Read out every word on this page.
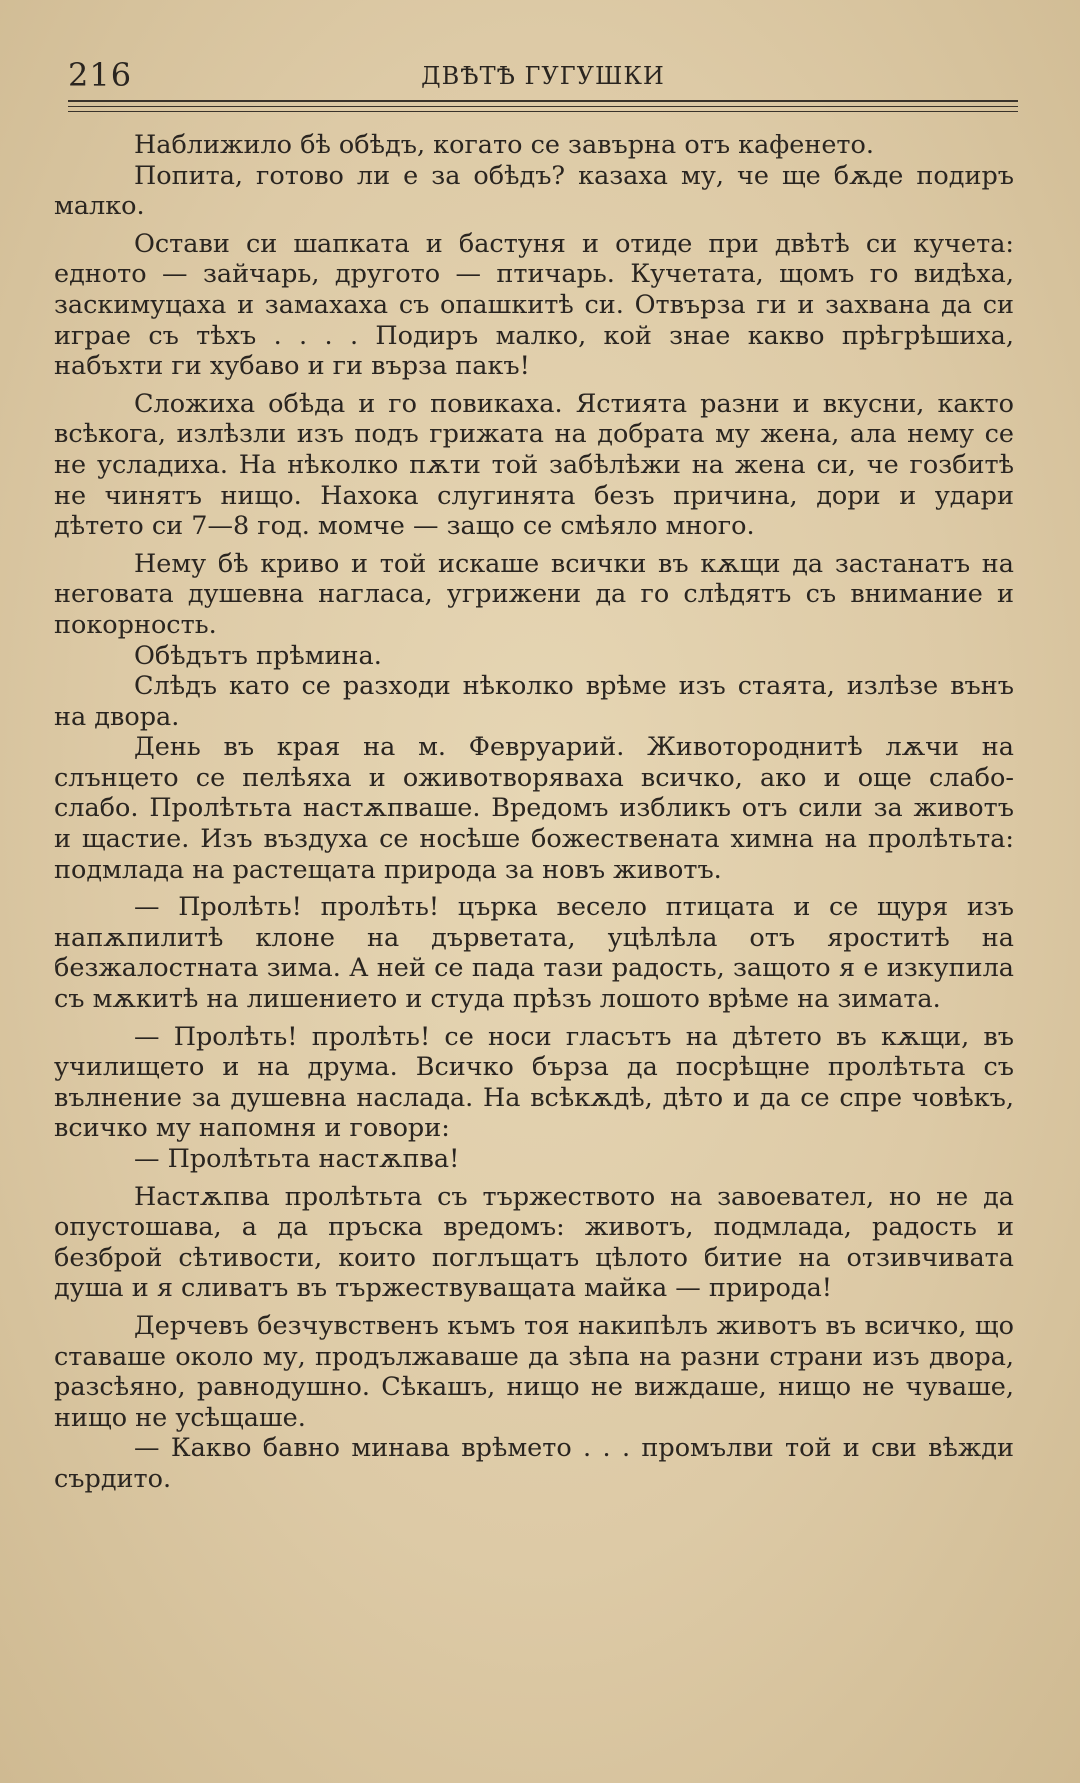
216	ДВѢТѢ ГУГУШКИ

Наближило бѣ обѣдъ, когато се завърна отъ кафенето.

Попита, готово ли е за обѣдъ? казаха му, че ще бѫде подиръ малко.

Остави си шапката и бастуня и отиде при двѣтѣ си кучета: едното — зайчарь, другото — птичарь. Кучетата, щомъ го видѣха, заскимуцаха и замахаха съ опашкитѣ си. Отвърза ги и захвана да си играе съ тѣхъ . . . . Подиръ малко, кой знае какво прѣгрѣшиха, набъхти ги хубаво и ги върза пакъ!

Сложиха обѣда и го повикаха. Ястията разни и вкусни, както всѣкога, излѣзли изъ подъ грижата на добрата му жена, ала нему се не усладиха. На нѣколко пѫти той забѣлѣжи на жена си, че гозбитѣ не чинятъ нищо. Нахока слугинята безъ причина, дори и удари дѣтето си 7—8 год. момче — защо се смѣяло много.

Нему бѣ криво и той искаше всички въ кѫщи да застанатъ на неговата душевна нагласа, угрижени да го слѣдятъ съ внимание и покорность.

Обѣдътъ прѣмина.

Слѣдъ като се разходи нѣколко врѣме изъ стаята, излѣзе вънъ на двора.

День въ края на м. Февруарий. Животороднитѣ лѫчи на слънцето се пелѣяха и оживотворяваха всичко, ако и още слабо-слабо. Пролѣтьта настѫпваше. Вредомъ избликъ отъ сили за животъ и щастие. Изъ въздуха се носѣше божествената химна на пролѣтьта: подмлада на растещата природа за новъ животъ.

— Пролѣть! пролѣть! църка весело птицата и се щуря изъ напѫпилитѣ клоне на дърветата, уцѣлѣла отъ яроститѣ на безжалостната зима. А ней се пада тази радость, защото я е изкупила съ мѫкитѣ на лишението и студа прѣзъ лошото врѣме на зимата.

— Пролѣть! пролѣть! се носи гласътъ на дѣтето въ кѫщи, въ училището и на друма. Всичко бърза да посрѣщне пролѣтьта съ вълнение за душевна наслада. На всѣкѫдѣ, дѣто и да се спре човѣкъ, всичко му напомня и говори:

— Пролѣтьта настѫпва!

Настѫпва пролѣтьта съ тържеството на завоевател, но не да опустошава, а да пръска вредомъ: животъ, подмлада, радость и безброй сѣтивости, които поглъщатъ цѣлото битие на отзивчивата душа и я сливатъ въ тържествуващата майка — природа!

Дерчевъ безчувственъ къмъ тоя накипѣлъ животъ въ всичко, що ставаше около му, продължаваше да зѣпа на разни страни изъ двора, разсѣяно, равнодушно. Сѣкашъ, нищо не виждаше, нищо не чуваше, нищо не усѣщаше.

— Какво бавно минава врѣмето . . . промълви той и сви вѣжди сърдито.
